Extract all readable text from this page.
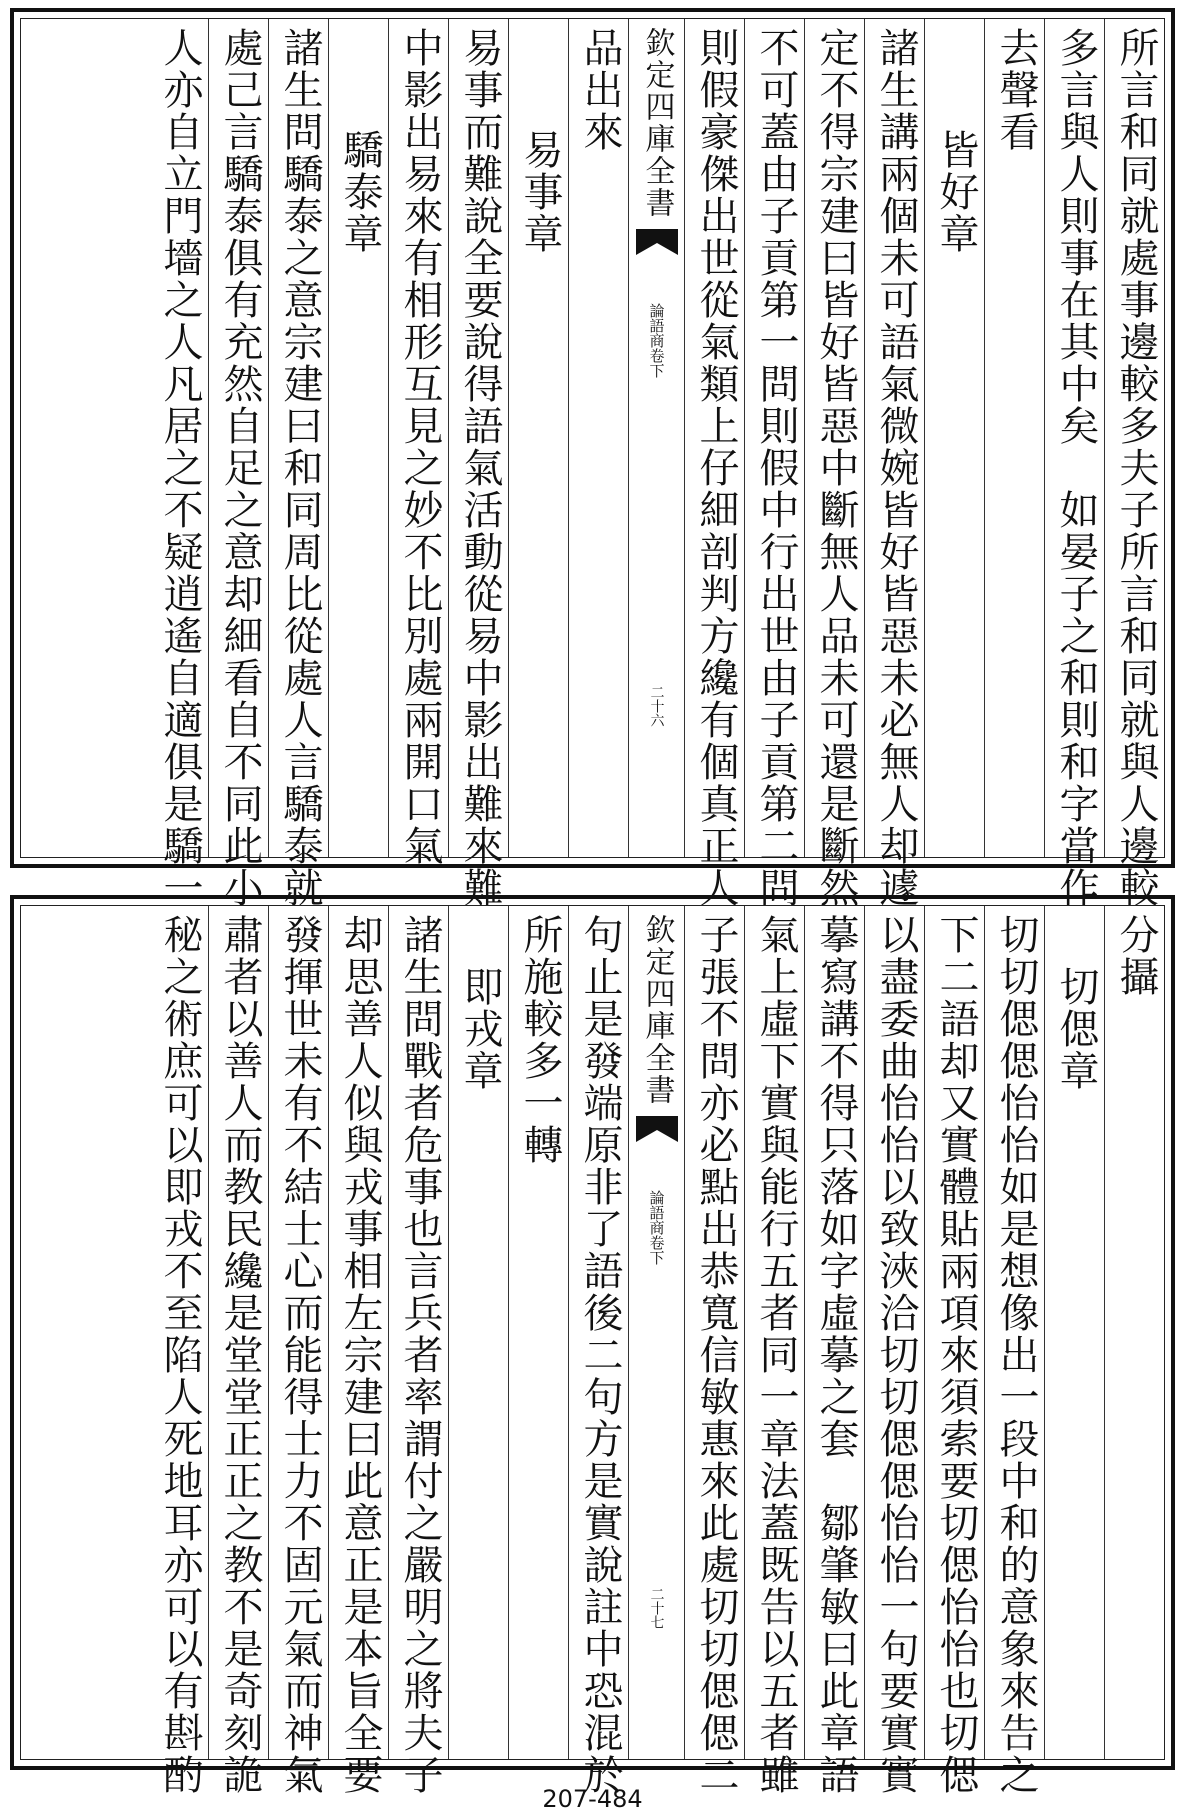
所言和同就處事邊較多夫子所言和同就與人邊較
多言與人則事在其中矣　如晏子之和則和字當作
去聲看
皆好章
諸生講兩個未可語氣微婉皆好皆惡未必無人却遽
定不得宗建曰皆好皆惡中斷無人品未可還是斷然
不可蓋由子貢第一問則假中行出世由子貢第二問
則假豪傑出世從氣類上仔細剖判方纔有個真正人
欽定四庫全書
論語商
卷下
二十六
品出來
易事章
易事而難說全要說得語氣活動從易中影出難來難
中影出易來有相形互見之妙不比別處兩開口氣
驕泰章
諸生問驕泰之意宗建曰和同周比從處人言驕泰就
處己言驕泰俱有充然自足之意却細看自不同此小
人亦自立門墻之人凡居之不疑逍遙自適俱是驕一
分攝
切偲章
切切偲偲怡怡如是想像出一段中和的意象來告之
下二語却又實體貼兩項來須索要切偲怡怡也切偲
以盡委曲怡怡以致浹洽切切偲偲怡怡一句要實實
摹寫講不得只落如字虛摹之套　鄒肇敏曰此章語
氣上虛下實與能行五者同一章法蓋既告以五者雖
子張不問亦必點出恭寬信敏惠來此處切切偲偲二
欽定四庫全書
論語商
卷下
二十七
句止是發端原非了語後二句方是實說註中恐混於
所施較多一轉
即戎章
諸生問戰者危事也言兵者率謂付之嚴明之將夫子
却思善人似與戎事相左宗建曰此意正是本旨全要
發揮世未有不結士心而能得士力不固元氣而神氣
肅者以善人而教民纔是堂堂正正之教不是奇刻詭
秘之術庶可以即戎不至陷人死地耳亦可以有斟酌
207-484
